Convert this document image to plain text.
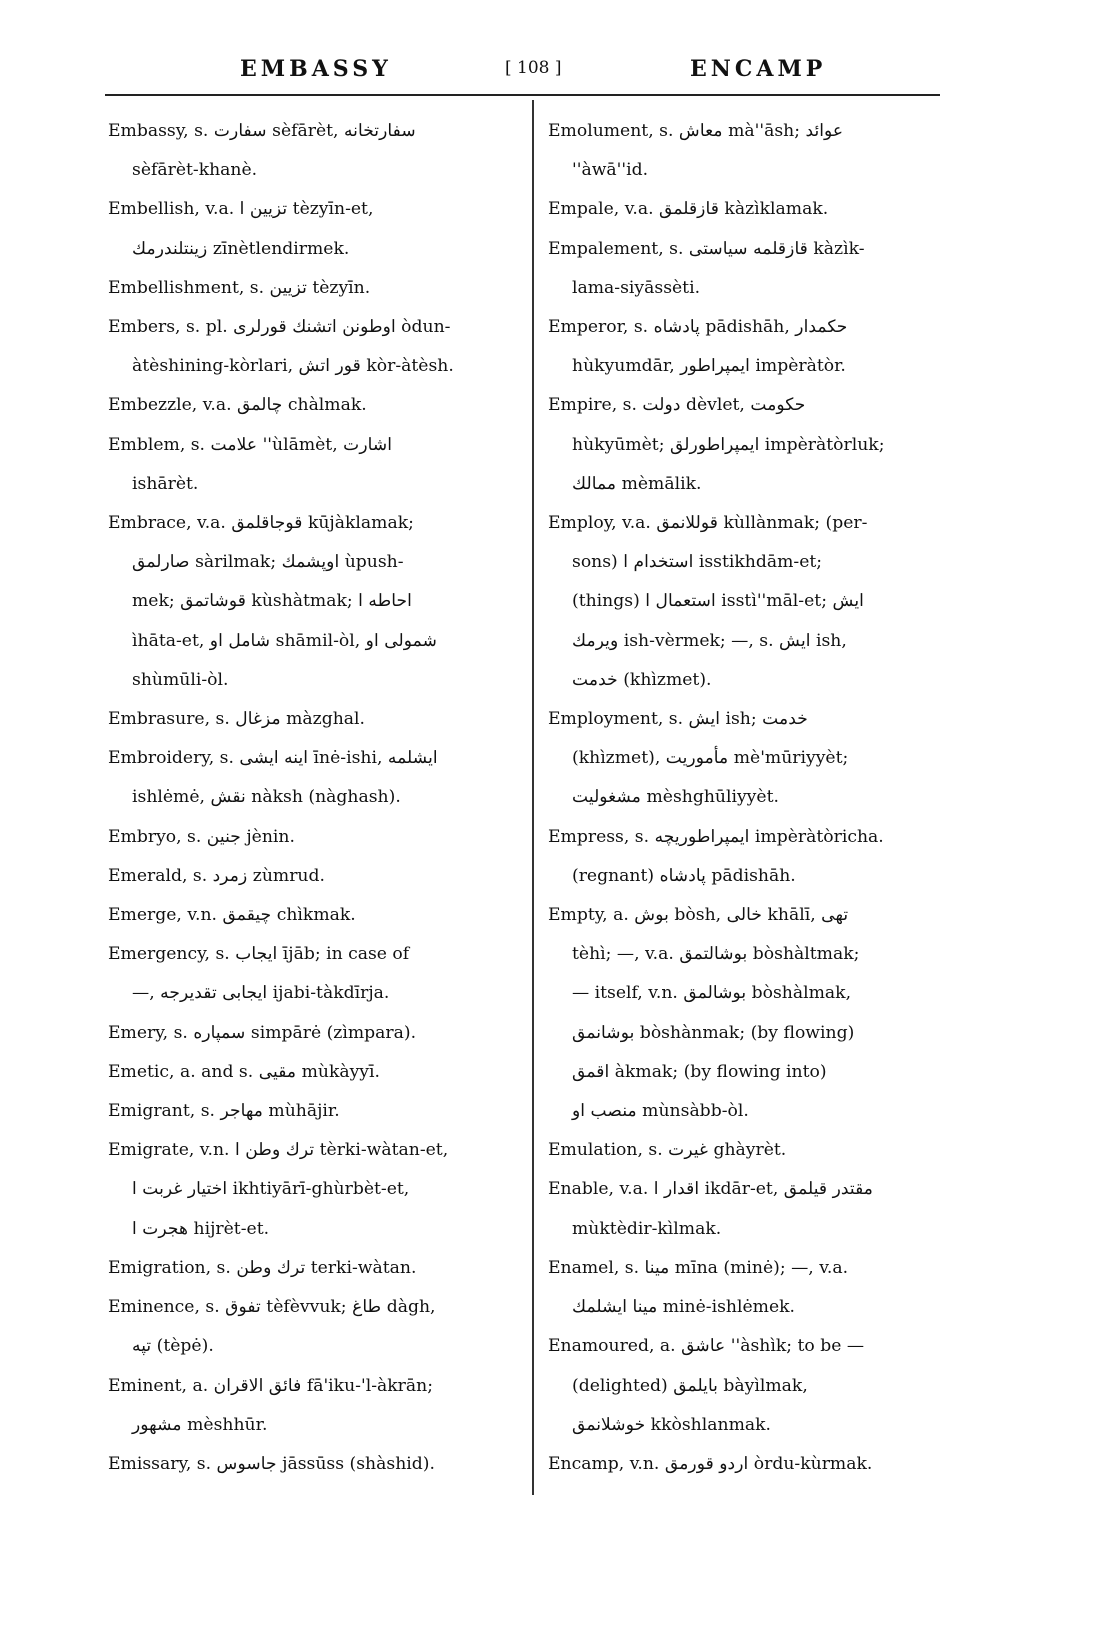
EMBASSY	[ 108 ]	ENCAMP
Embassy, s. سفارت sèfārèt, سفارتخانه
sèfārèt-khanè.
Embellish, v.a. تزيين ا tèzyīn-et,
زينتلندرمك zīnètlendirmek.
Embellishment, s. تزيين tèzyīn.
Embers, s. pl. اوطونن اتشنك قورلرى òdun-
àtèshining-kòrlari, قور اتش kòr-àtèsh.
Embezzle, v.a. چالمق chàlmak.
Emblem, s. علامت ''ùlāmèt, اشارت
ishārèt.
Embrace, v.a. قوجاقلمق kūjàklamak;
صارلمق sàrilmak; اوپشمك ùpush-
mek; قوشاتمق kùshàtmak; احاطه ا
ìhāta-et, شامل او shāmil-òl, شمولى او
shùmūli-òl.
Embrasure, s. مزغال màzghal.
Embroidery, s. اينه ايشى īnė-ishi, ايشلمه
ishlėmė, نقش nàksh (nàghash).
Embryo, s. جنين jènin.
Emerald, s. زمرد zùmrud.
Emerge, v.n. چيقمق chìkmak.
Emergency, s. ايجاب ījāb; in case of
—, ايجابى تقديرجه ijabi-tàkdīrja.
Emery, s. سمپاره simpārė (zìmpara).
Emetic, a. and s. مقيى mùkàyyī.
Emigrant, s. مهاجر mùhājir.
Emigrate, v.n. ترك وطن ا tèrki-wàtan-et,
اختيار غربت ا ikhtiyārī-ghùrbèt-et,
هجرت ا hijrèt-et.
Emigration, s. ترك وطن terki-wàtan.
Eminence, s. تفوق tèfèvvuk; طاغ dàgh,
تپه (tèpė).
Eminent, a. فائق الاقران fā'iku-'l-àkrān;
مشهور mèshhūr.
Emissary, s. جاسوس jāssūss (shàshid).
Emolument, s. معاش mà''āsh; عوائد
''àwā''id.
Empale, v.a. قازقلمق kàzìklamak.
Empalement, s. قازقلمه سياستى kàzìk-
lama-siyāssèti.
Emperor, s. پادشاه pādishāh, حكمدار
hùkyumdār, ايمپراطور impèràtòr.
Empire, s. دولت dèvlet, حكومت
hùkyūmèt; ايمپراطورلق impèràtòrluk;
ممالك mèmālik.
Employ, v.a. قوللانمق kùllànmak; (per-
sons) استخدام ا isstikhdām-et;
(things) استعمال ا isstì''māl-et; ايش
ويرمك ish-vèrmek; —, s. ايش ish,
خدمت (khìzmet).
Employment, s. ايش ish; خدمت
(khìzmet), مأموريت mè'mūriyyèt;
مشغوليت mèshghūliyyèt.
Empress, s. ايمپراطوريچه impèràtòricha.
(regnant) پادشاه pādishāh.
Empty, a. بوش bòsh, خالى khālī, تهى
tèhì; —, v.a. بوشالتمق bòshàltmak;
— itself, v.n. بوشالمق bòshàlmak,
بوشانمق bòshànmak; (by flowing)
اقمق àkmak; (by flowing into)
منصب او mùnsàbb-òl.
Emulation, s. غيرت ghàyrèt.
Enable, v.a. اقدار ا ikdār-et, مقتدر قيلمق
mùktèdir-kìlmak.
Enamel, s. مينا mīna (minė); —, v.a.
مينا ايشلمك minė-ishlėmek.
Enamoured, a. عاشق ''àshìk; to be —
(delighted) بايلمق bàyìlmak,
خوشلانمق kkòshlanmak.
Encamp, v.n. اردو قورمق òrdu-kùrmak.
